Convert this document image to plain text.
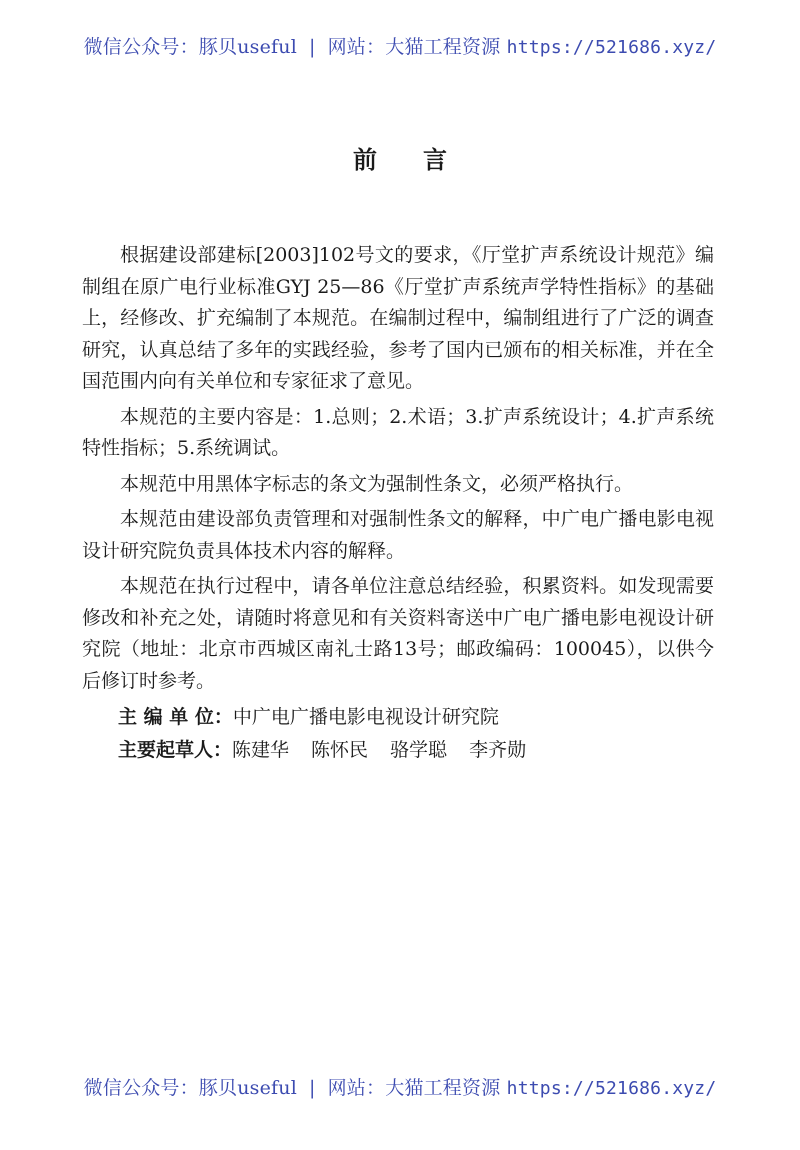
微信公众号：豚贝useful | 网站：大猫工程资源 https://521686.xyz/
前言

根据建设部建标[2003]102号文的要求，《厅堂扩声系统设计规范》编制组在原广电行业标准GYJ 25—86《厅堂扩声系统声学特性指标》的基础上，经修改、扩充编制了本规范。在编制过程中，编制组进行了广泛的调查研究，认真总结了多年的实践经验，参考了国内已颁布的相关标准，并在全国范围内向有关单位和专家征求了意见。

本规范的主要内容是：1.总则；2.术语；3.扩声系统设计；4.扩声系统特性指标；5.系统调试。

本规范中用黑体字标志的条文为强制性条文，必须严格执行。

本规范由建设部负责管理和对强制性条文的解释，中广电广播电影电视设计研究院负责具体技术内容的解释。

本规范在执行过程中，请各单位注意总结经验，积累资料。如发现需要修改和补充之处，请随时将意见和有关资料寄送中广电广播电影电视设计研究院（地址：北京市西城区南礼士路13号；邮政编码：100045），以供今后修订时参考。

主 编 单 位：中广电广播电影电视设计研究院

主要起草人：陈建华 陈怀民 骆学聪 李齐勋

微信公众号：豚贝useful | 网站：大猫工程资源 https://521686.xyz/
